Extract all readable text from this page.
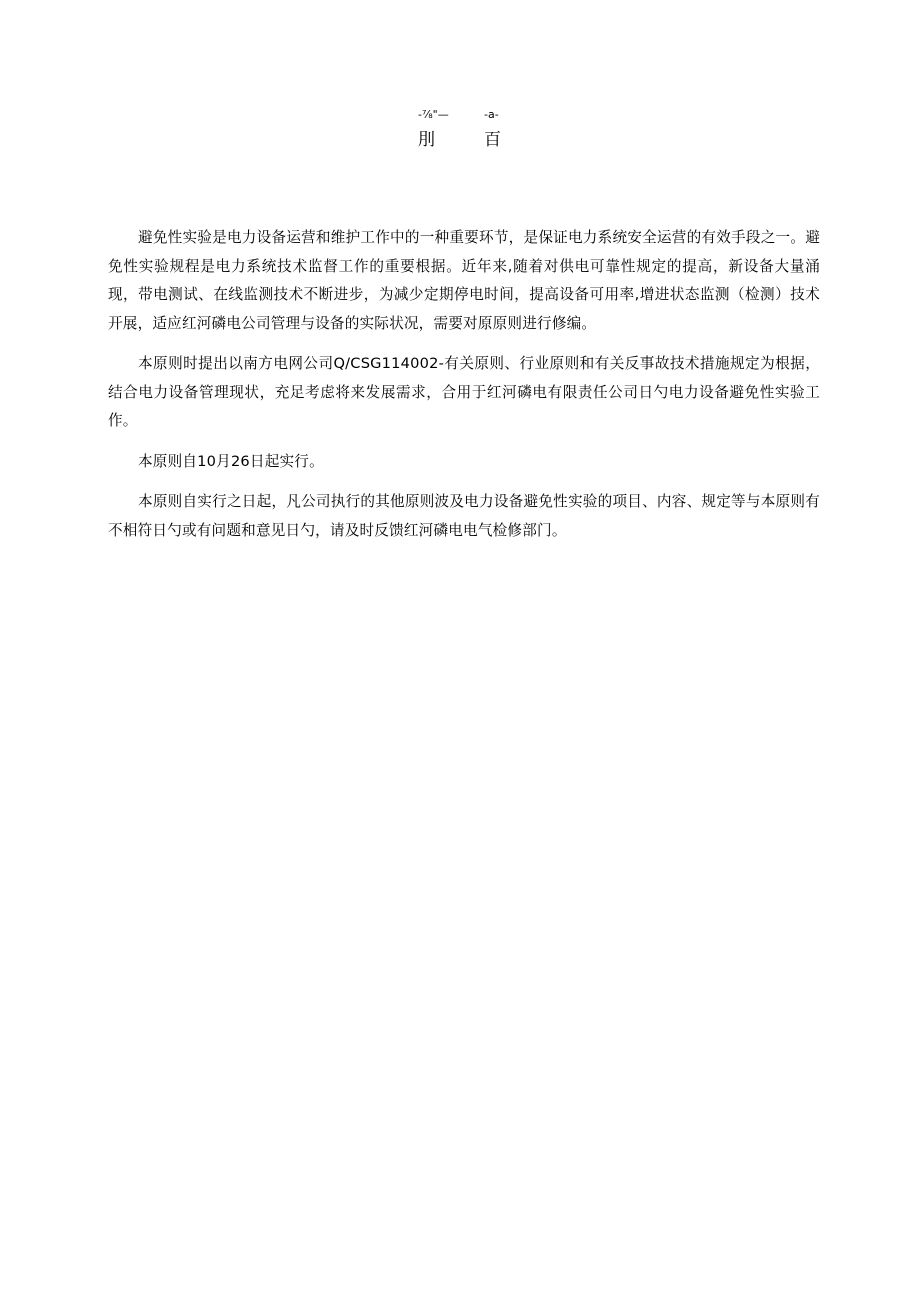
-⅞"—	-a-
刖	百

避免性实验是电力设备运营和维护工作中的一种重要环节，是保证电力系统安全运营的有效手段之一。避免性实验规程是电力系统技术监督工作的重要根据。近年来,随着对供电可靠性规定的提高，新设备大量涌现，带电测试、在线监测技术不断进步，为减少定期停电时间，提高设备可用率,增进状态监测（检测）技术开展，适应红河磷电公司管理与设备的实际状况，需要对原原则进行修编。

本原则时提出以南方电网公司Q/CSG114002-有关原则、行业原则和有关反事故技术措施规定为根据，结合电力设备管理现状，充足考虑将来发展需求，合用于红河磷电有限责任公司日勺电力设备避免性实验工作。

本原则自10月26日起实行。

本原则自实行之日起，凡公司执行的其他原则波及电力设备避免性实验的项目、内容、规定等与本原则有不相符日勺或有问题和意见日勺，请及时反馈红河磷电电气检修部门。
